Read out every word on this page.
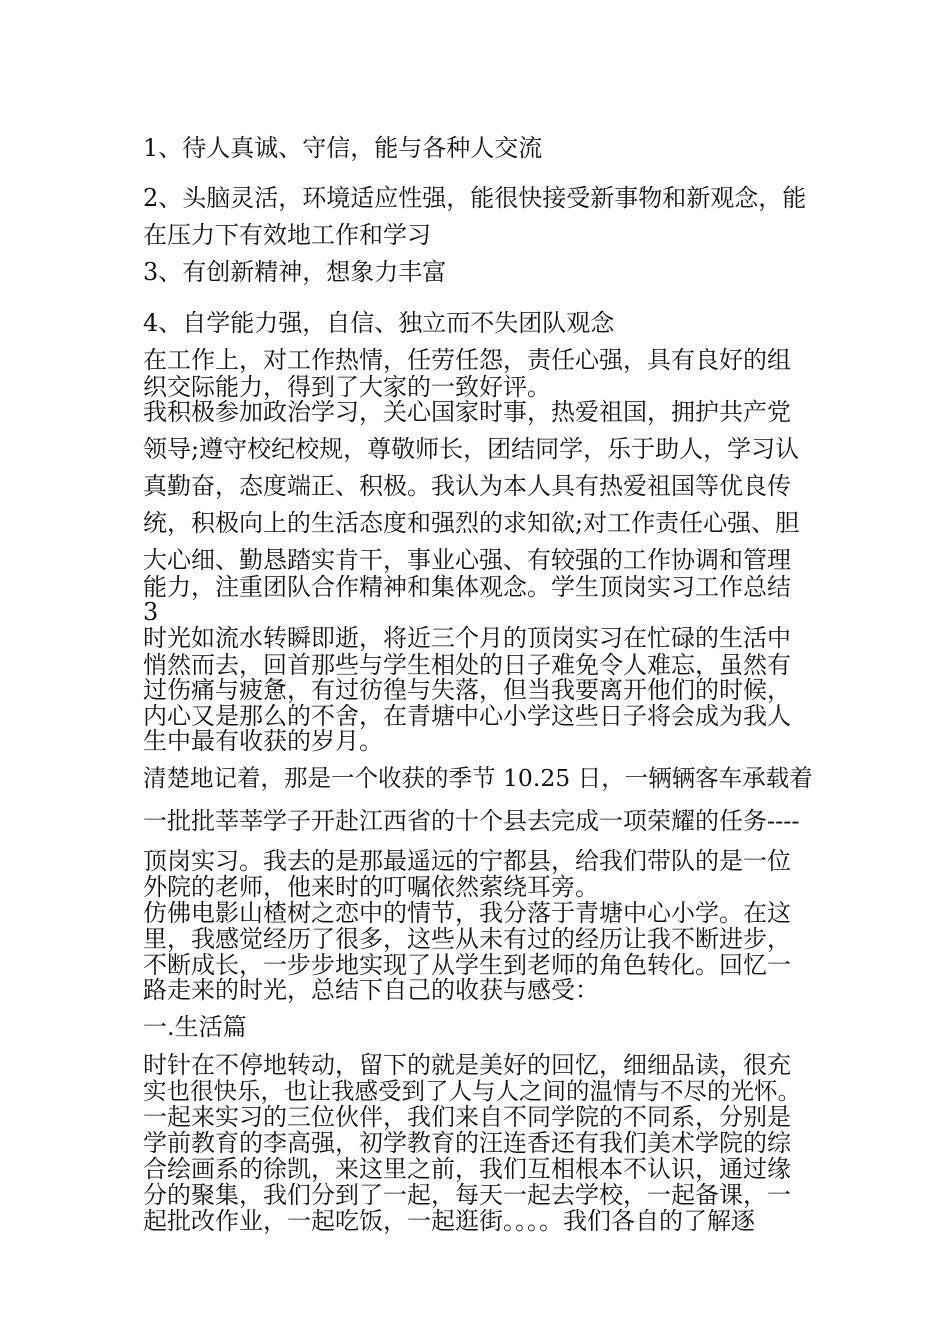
1、待人真诚、守信，能与各种人交流

2、头脑灵活，环境适应性强，能很快接受新事物和新观念，能

在压力下有效地工作和学习

3、有创新精神，想象力丰富

4、自学能力强，自信、独立而不失团队观念

在工作上，对工作热情，任劳任怨，责任心强，具有良好的组

织交际能力，得到了大家的一致好评。

我积极参加政治学习，关心国家时事，热爱祖国，拥护共产党

领导;遵守校纪校规，尊敬师长，团结同学，乐于助人，学习认

真勤奋，态度端正、积极。我认为本人具有热爱祖国等优良传

统，积极向上的生活态度和强烈的求知欲;对工作责任心强、胆

大心细、勤恳踏实肯干，事业心强、有较强的工作协调和管理

能力，注重团队合作精神和集体观念。学生顶岗实习工作总结

3

时光如流水转瞬即逝，将近三个月的顶岗实习在忙碌的生活中

悄然而去，回首那些与学生相处的日子难免令人难忘，虽然有

过伤痛与疲惫，有过彷徨与失落，但当我要离开他们的时候，

内心又是那么的不舍，在青塘中心小学这些日子将会成为我人

生中最有收获的岁月。

清楚地记着，那是一个收获的季节 10.25 日，一辆辆客车承载着

一批批莘莘学子开赴江西省的十个县去完成一项荣耀的任务----

顶岗实习。我去的是那最遥远的宁都县，给我们带队的是一位

外院的老师，他来时的叮嘱依然萦绕耳旁。

仿佛电影山楂树之恋中的情节，我分落于青塘中心小学。在这

里，我感觉经历了很多，这些从未有过的经历让我不断进步，

不断成长，一步步地实现了从学生到老师的角色转化。回忆一

路走来的时光，总结下自己的收获与感受：

一.生活篇

时针在不停地转动，留下的就是美好的回忆，细细品读，很充

实也很快乐，也让我感受到了人与人之间的温情与不尽的光怀。

一起来实习的三位伙伴，我们来自不同学院的不同系，分别是

学前教育的李高强，初学教育的汪连香还有我们美术学院的综

合绘画系的徐凯，来这里之前，我们互相根本不认识，通过缘

分的聚集，我们分到了一起，每天一起去学校，一起备课，一

起批改作业，一起吃饭，一起逛街。。。。我们各自的了解逐
